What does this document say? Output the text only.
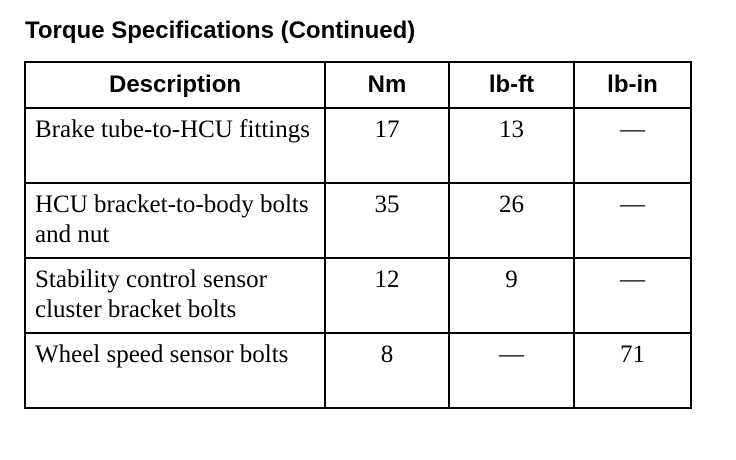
Torque Specifications (Continued)
Description	Nm	lb-ft	lb-in
Brake tube-to-HCU fittings	17	13	—
HCU bracket-to-body bolts and nut	35	26	—
Stability control sensor cluster bracket bolts	12	9	—
Wheel speed sensor bolts	8	—	71
